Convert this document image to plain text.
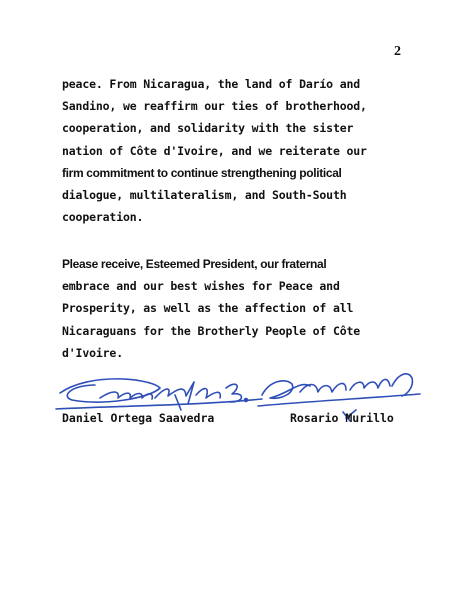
2
peace. From Nicaragua, the land of Darío and
Sandino, we reaffirm our ties of brotherhood,
cooperation, and solidarity with the sister
nation of Côte d'Ivoire, and we reiterate our
firm commitment to continue strengthening political
dialogue, multilateralism, and South-South
cooperation.
Please receive, Esteemed President, our fraternal
embrace and our best wishes for Peace and
Prosperity, as well as the affection of all
Nicaraguans for the Brotherly People of Côte
d'Ivoire.
Daniel Ortega Saavedra	Rosario Murillo
